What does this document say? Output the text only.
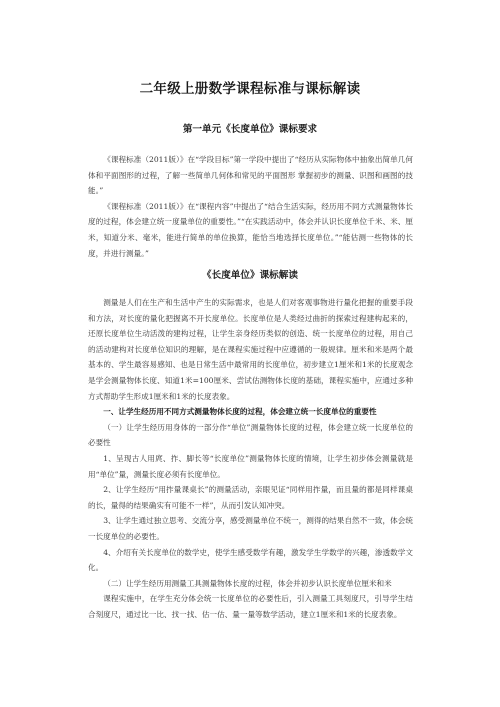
二年级上册数学课程标准与课标解读
第一单元《长度单位》课标要求

《课程标准（2011版）》在“学段目标”第一学段中提出了“经历从实际物体中抽象出简单几何体和平面图形的过程，了解一些简单几何体和常见的平面图形 掌握初步的测量、识图和画图的技能。”

《课程标准（2011版）》在“课程内容”中提出了“结合生活实际，经历用不同方式测量物体长度的过程，体会建立统一度量单位的重要性。”“在实践活动中，体会并认识长度单位千米、米、厘米，知道分米、毫米，能进行简单的单位换算，能恰当地选择长度单位。”“能估测一些物体的长度，并进行测量。”

《长度单位》课标解读

测量是人们在生产和生活中产生的实际需求，也是人们对客观事物进行量化把握的重要手段和方法，对长度的量化把握离不开长度单位。长度单位是人类经过曲折的探索过程建构起来的，还原长度单位生动活泼的建构过程，让学生亲身经历类似的创造、统一长度单位的过程，用自己的活动建构对长度单位知识的理解，是在课程实施过程中应遵循的一般规律。厘米和米是两个最基本的、学生最容易感知、也是日常生活中最常用的长度单位，初步建立1厘米和1米的长度观念是学会测量物体长度、知道1米=100厘米、尝试估测物体长度的基础，课程实施中，应通过多种方式帮助学生形成1厘米和1米的长度表象。

一、让学生经历用不同方式测量物体长度的过程，体会建立统一长度单位的重要性

（一）让学生经历用身体的一部分作“单位”测量物体长度的过程，体会建立统一长度单位的必要性

1、呈现古人用庹、拃、脚长等“长度单位”测量物体长度的情境，让学生初步体会测量就是用“单位”量，测量长度必须有长度单位。

2、让学生经历“用拃量课桌长”的测量活动，亲眼见证“同样用拃量，而且量的都是同样课桌的长，量得的结果确实有可能不一样”，从而引发认知冲突。

3、让学生通过独立思考、交流分享，感受测量单位不统一，测得的结果自然不一致，体会统一长度单位的必要性。

4、介绍有关长度单位的数学史，使学生感受数学有趣，激发学生学数学的兴趣，渗透数学文化。

（二）让学生经历用测量工具测量物体长度的过程，体会并初步认识长度单位厘米和米

课程实施中，在学生充分体会统一长度单位的必要性后，引入测量工具刻度尺，引导学生结合刻度尺，通过比一比、找一找、估一估、量一量等数学活动，建立1厘米和1米的长度表象。
